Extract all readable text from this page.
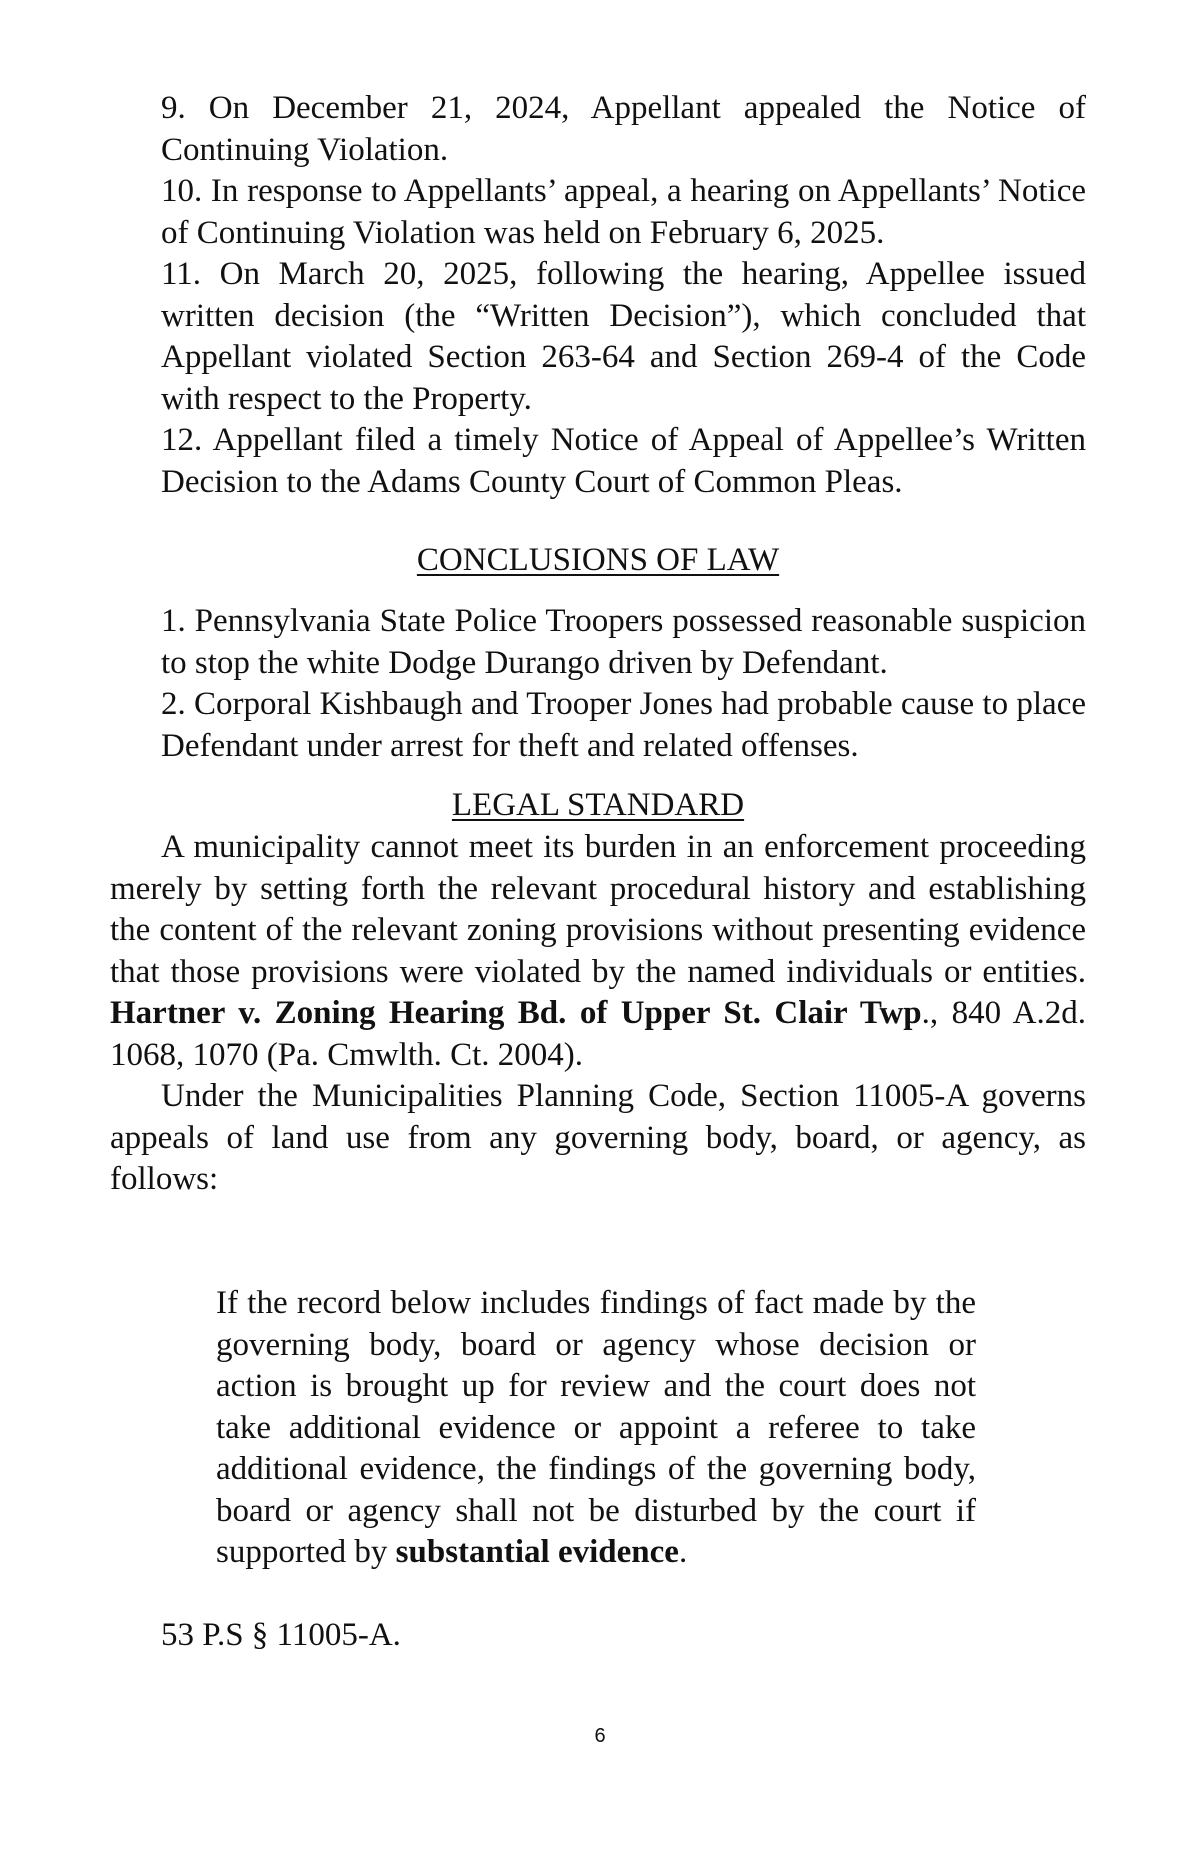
9. On December 21, 2024, Appellant appealed the Notice of Continuing Violation.

10. In response to Appellants’ appeal, a hearing on Appellants’ Notice of Continuing Violation was held on February 6, 2025.

11. On March 20, 2025, following the hearing, Appellee issued written decision (the “Written Decision”), which concluded that Appellant violated Section 263-64 and Section 269-4 of the Code with respect to the Property.

12. Appellant filed a timely Notice of Appeal of Appellee’s Written Decision to the Adams County Court of Common Pleas.

CONCLUSIONS OF LAW

1. Pennsylvania State Police Troopers possessed reasonable suspicion to stop the white Dodge Durango driven by Defendant.

2. Corporal Kishbaugh and Trooper Jones had probable cause to place Defendant under arrest for theft and related offenses.

LEGAL STANDARD

A municipality cannot meet its burden in an enforcement proceeding merely by setting forth the relevant procedural history and establishing the content of the relevant zoning provisions without presenting evidence that those provisions were violated by the named individuals or entities. Hartner v. Zoning Hearing Bd. of Upper St. Clair Twp., 840 A.2d. 1068, 1070 (Pa. Cmwlth. Ct. 2004).

Under the Municipalities Planning Code, Section 11005-A governs appeals of land use from any governing body, board, or agency, as follows:

If the record below includes findings of fact made by the governing body, board or agency whose decision or action is brought up for review and the court does not take additional evidence or appoint a referee to take additional evidence, the findings of the governing body, board or agency shall not be disturbed by the court if supported by substantial evidence.

53 P.S § 11005-A.
6
